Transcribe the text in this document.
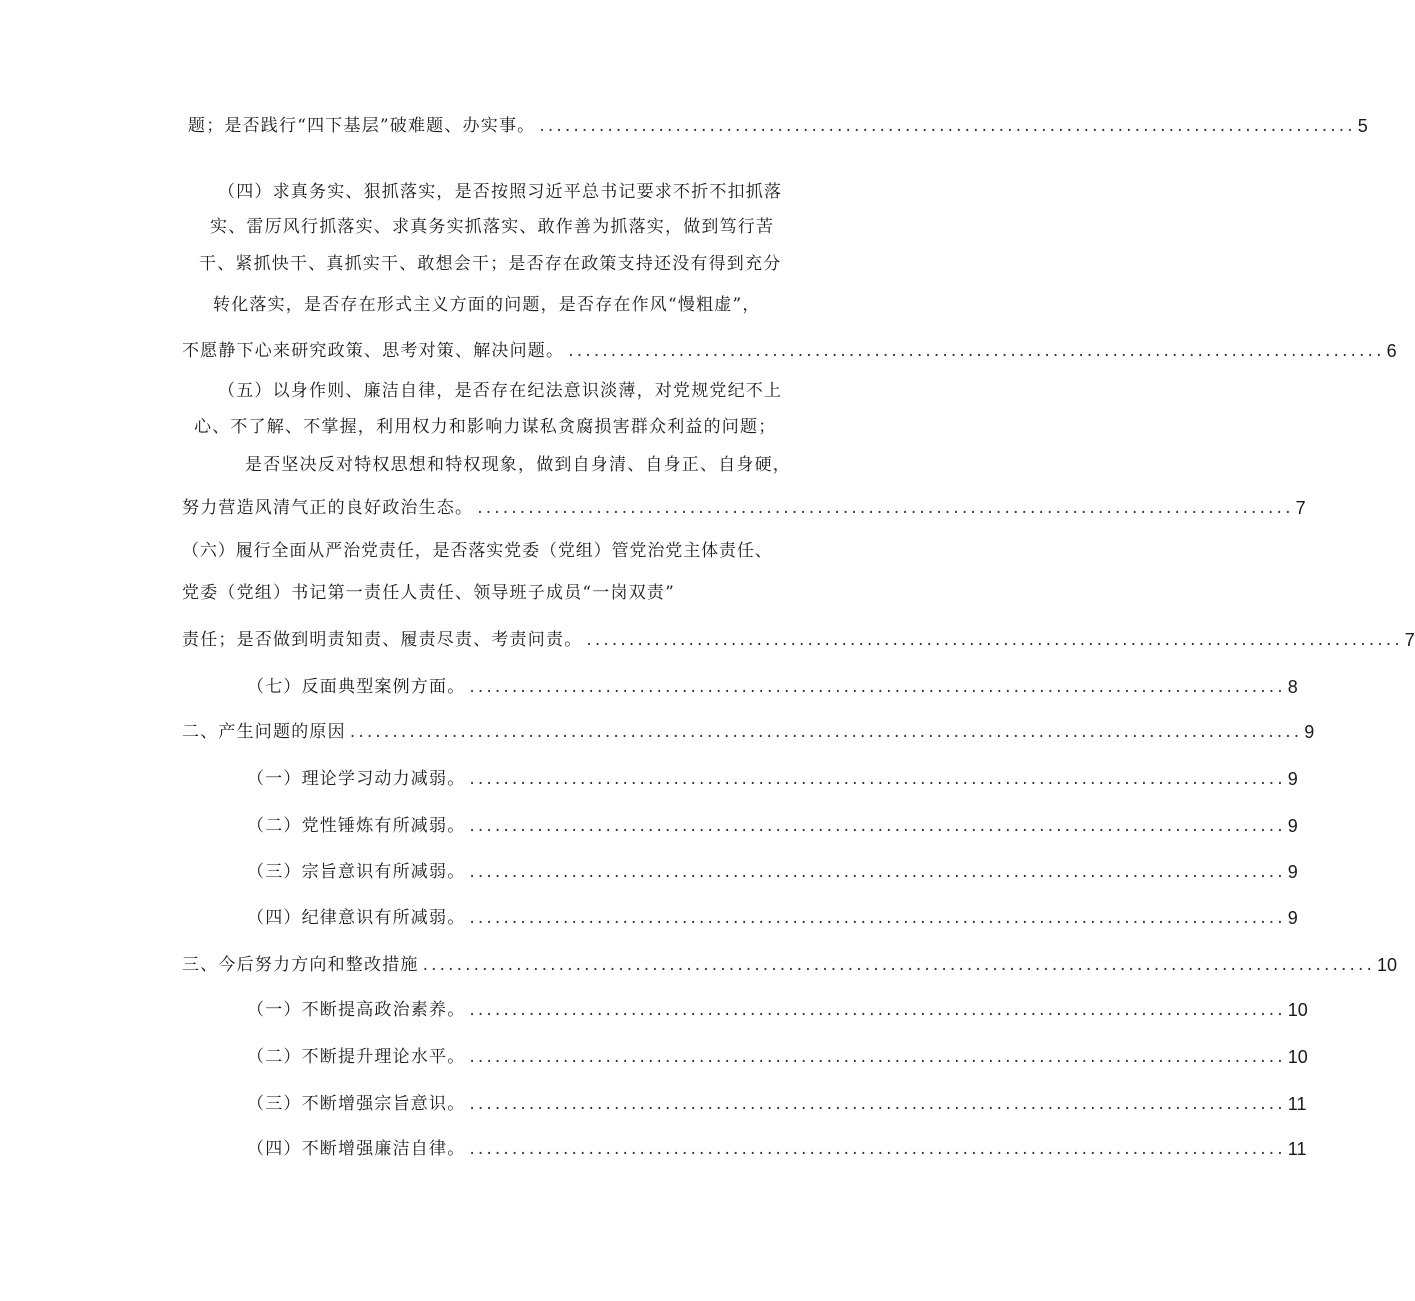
题；是否践行“四下基层”破难题、办实事。 ................................................................................................ 5
（四）求真务实、狠抓落实，是否按照习近平总书记要求不折不扣抓落
实、雷厉风行抓落实、求真务实抓落实、敢作善为抓落实，做到笃行苦
干、紧抓快干、真抓实干、敢想会干；是否存在政策支持还没有得到充分
转化落实，是否存在形式主义方面的问题，是否存在作风“慢粗虚”，
不愿静下心来研究政策、思考对策、解决问题。 ................................................................................................ 6
（五）以身作则、廉洁自律，是否存在纪法意识淡薄，对党规党纪不上
心、不了解、不掌握，利用权力和影响力谋私贪腐损害群众利益的问题；
是否坚决反对特权思想和特权现象，做到自身清、自身正、自身硬，
努力营造风清气正的良好政治生态。 ................................................................................................ 7
（六）履行全面从严治党责任，是否落实党委（党组）管党治党主体责任、
党委（党组）书记第一责任人责任、领导班子成员“一岗双责”
责任；是否做到明责知责、履责尽责、考责问责。 ................................................................................................ 7
（七）反面典型案例方面。 ................................................................................................ 8
二、产生问题的原因 ................................................................................................................ 9
（一）理论学习动力减弱。 ................................................................................................ 9
（二）党性锤炼有所减弱。 ................................................................................................ 9
（三）宗旨意识有所减弱。 ................................................................................................ 9
（四）纪律意识有所减弱。 ................................................................................................ 9
三、今后努力方向和整改措施 ................................................................................................................ 10
（一）不断提高政治素养。 ................................................................................................ 10
（二）不断提升理论水平。 ................................................................................................ 10
（三）不断增强宗旨意识。 ................................................................................................ 11
（四）不断增强廉洁自律。 ................................................................................................ 11
